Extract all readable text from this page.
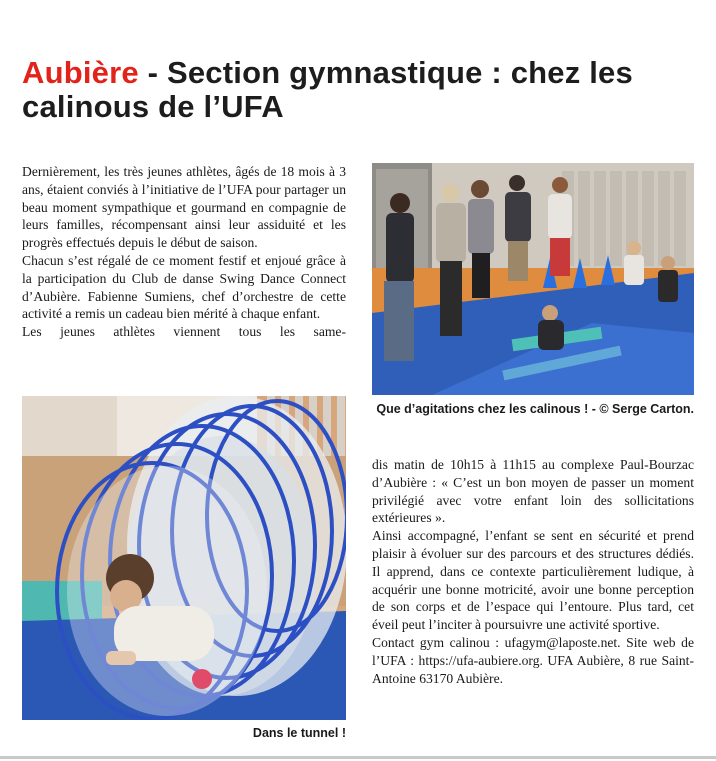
Aubière - Section gymnastique : chez les calinous de l’UFA

Dernièrement, les très jeunes athlètes, âgés de 18 mois à 3 ans, étaient conviés à l’initiative de l’UFA pour partager un beau moment sympathique et gourmand en compagnie de leurs familles, récompensant ainsi leur assiduité et les progrès effectués depuis le début de saison.

Chacun s’est régalé de ce moment festif et enjoué grâce à la participation du Club de danse Swing Dance Connect d’Aubière. Fabienne Sumiens, chef d’orchestre de cette activité a remis un cadeau bien mérité à chaque enfant.

Les jeunes athlètes viennent tous les same-

Que d’agitations chez les calinous ! - © Serge Carton.
Dans le tunnel !

dis matin de 10h15 à 11h15 au complexe Paul-Bourzac d’Aubière : « C’est un bon moyen de passer un moment privilégié avec votre enfant loin des sollicitations extérieures ».

Ainsi accompagné, l’enfant se sent en sécurité et prend plaisir à évoluer sur des parcours et des structures dédiés. Il apprend, dans ce contexte particulièrement ludique, à acquérir une bonne motricité, avoir une bonne perception de son corps et de l’espace qui l’entoure. Plus tard, cet éveil peut l’inciter à poursuivre une activité sportive.

Contact gym calinou : ufagym@laposte.net. Site web de l’UFA : https://ufa-aubiere.org. UFA Aubière, 8 rue Saint-Antoine 63170 Aubière.
